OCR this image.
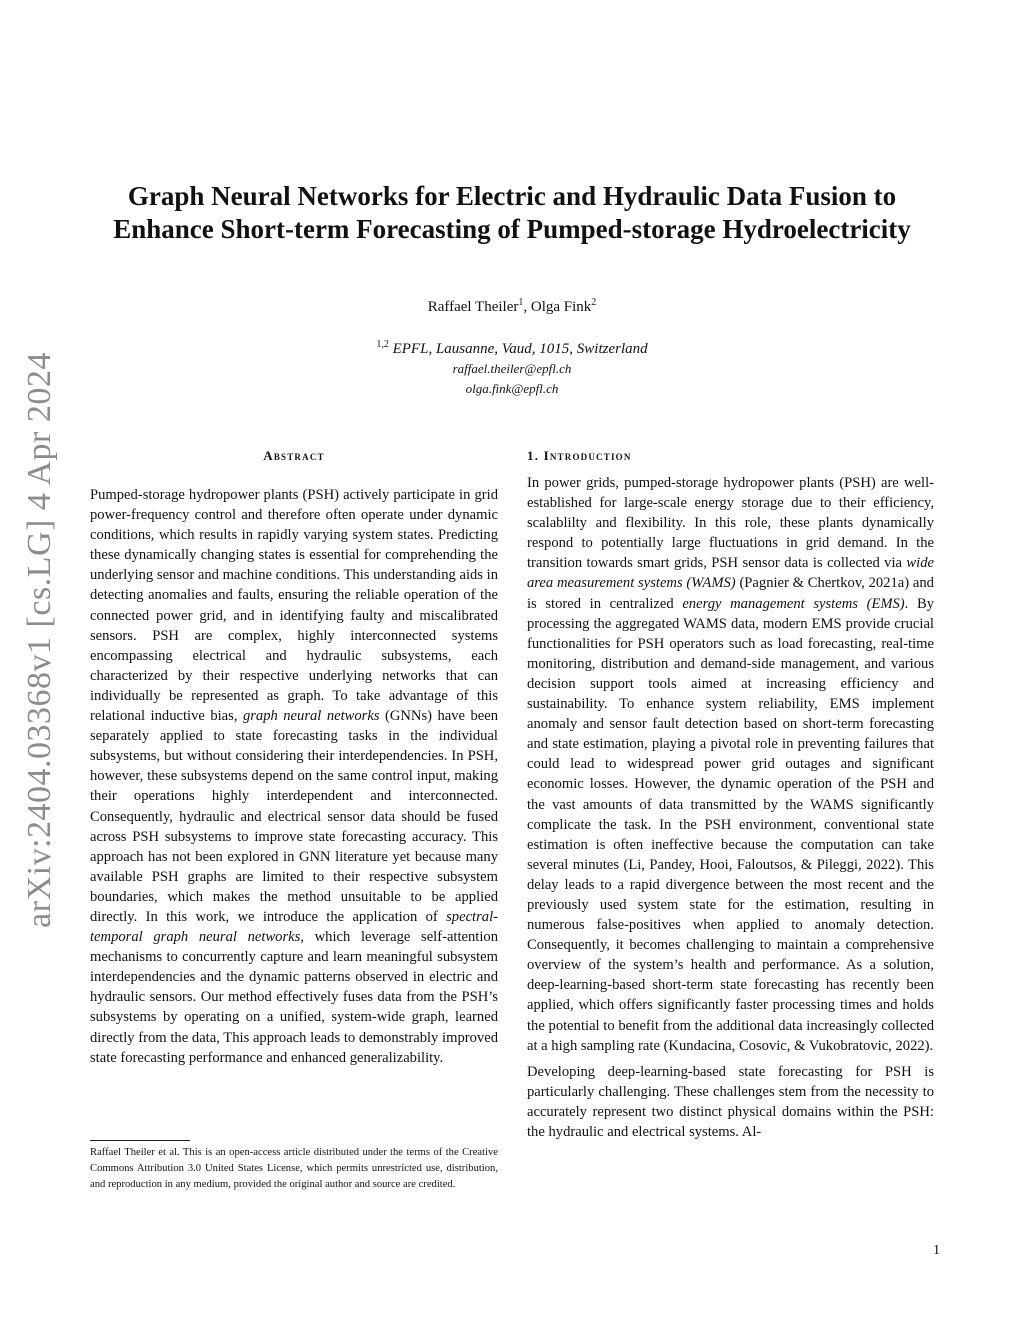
arXiv:2404.03368v1 [cs.LG] 4 Apr 2024
Graph Neural Networks for Electric and Hydraulic Data Fusion to Enhance Short-term Forecasting of Pumped-storage Hydroelectricity
Raffael Theiler$^1$, Olga Fink$^2$
$^{1,2}$ EPFL, Lausanne, Vaud, 1015, Switzerland
raffael.theiler@epfl.ch
olga.fink@epfl.ch
Abstract

Pumped-storage hydropower plants (PSH) actively participate in grid power-frequency control and therefore often operate under dynamic conditions, which results in rapidly varying system states. Predicting these dynamically changing states is essential for comprehending the underlying sensor and machine conditions. This understanding aids in detecting anomalies and faults, ensuring the reliable operation of the connected power grid, and in identifying faulty and miscalibrated sensors. PSH are complex, highly interconnected systems encompassing electrical and hydraulic subsystems, each characterized by their respective underlying networks that can individually be represented as graph. To take advantage of this relational inductive bias, graph neural networks (GNNs) have been separately applied to state forecasting tasks in the individual subsystems, but without considering their interdependencies. In PSH, however, these subsystems depend on the same control input, making their operations highly interdependent and interconnected. Consequently, hydraulic and electrical sensor data should be fused across PSH subsystems to improve state forecasting accuracy. This approach has not been explored in GNN literature yet because many available PSH graphs are limited to their respective subsystem boundaries, which makes the method unsuitable to be applied directly. In this work, we introduce the application of spectral-temporal graph neural networks, which leverage self-attention mechanisms to concurrently capture and learn meaningful subsystem interdependencies and the dynamic patterns observed in electric and hydraulic sensors. Our method effectively fuses data from the PSH’s subsystems by operating on a unified, system-wide graph, learned directly from the data, This approach leads to demonstrably improved state forecasting performance and enhanced generalizability.

Raffael Theiler et al. This is an open-access article distributed under the terms of the Creative Commons Attribution 3.0 United States License, which permits unrestricted use, distribution, and reproduction in any medium, provided the original author and source are credited.
1. Introduction

In power grids, pumped-storage hydropower plants (PSH) are well-established for large-scale energy storage due to their efficiency, scalablilty and flexibility. In this role, these plants dynamically respond to potentially large fluctuations in grid demand. In the transition towards smart grids, PSH sensor data is collected via wide area measurement systems (WAMS) (Pagnier & Chertkov, 2021a) and is stored in centralized energy management systems (EMS). By processing the aggregated WAMS data, modern EMS provide crucial functionalities for PSH operators such as load forecasting, real-time monitoring, distribution and demand-side management, and various decision support tools aimed at increasing efficiency and sustainability. To enhance system reliability, EMS implement anomaly and sensor fault detection based on short-term forecasting and state estimation, playing a pivotal role in preventing failures that could lead to widespread power grid outages and significant economic losses. However, the dynamic operation of the PSH and the vast amounts of data transmitted by the WAMS significantly complicate the task. In the PSH environment, conventional state estimation is often ineffective because the computation can take several minutes (Li, Pandey, Hooi, Faloutsos, & Pileggi, 2022). This delay leads to a rapid divergence between the most recent and the previously used system state for the estimation, resulting in numerous false-positives when applied to anomaly detection. Consequently, it becomes challenging to maintain a comprehensive overview of the system’s health and performance. As a solution, deep-learning-based short-term state forecasting has recently been applied, which offers significantly faster processing times and holds the potential to benefit from the additional data increasingly collected at a high sampling rate (Kundacina, Cosovic, & Vukobratovic, 2022).

Developing deep-learning-based state forecasting for PSH is particularly challenging. These challenges stem from the necessity to accurately represent two distinct physical domains within the PSH: the hydraulic and electrical systems. Al-

1
